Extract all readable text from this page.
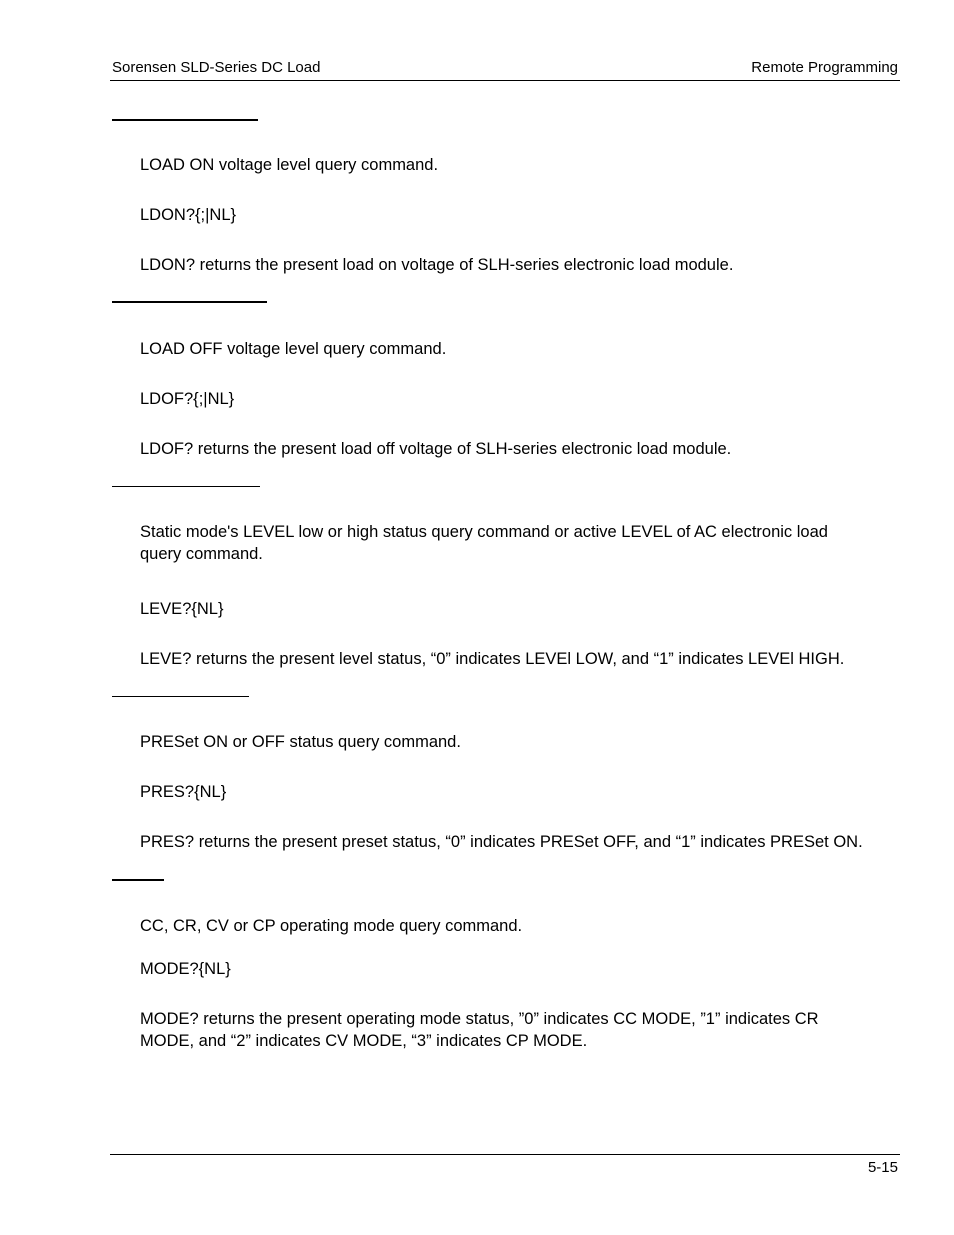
Sorensen SLD-Series DC Load	Remote Programming
LOAD ON voltage level query command.
LDON?{;|NL}
LDON? returns the present load on voltage of SLH-series electronic load module.
LOAD OFF voltage level query command.
LDOF?{;|NL}
LDOF? returns the present load off voltage of SLH-series electronic load module.
Static mode's LEVEL low or high status query command or active LEVEL of AC electronic load
query command.
LEVE?{NL}
LEVE? returns the present level status, “0” indicates LEVEl LOW, and “1” indicates LEVEl HIGH.
PRESet ON or OFF status query command.
PRES?{NL}
PRES? returns the present preset status, “0” indicates PRESet OFF, and “1” indicates PRESet ON.
CC, CR, CV or CP operating mode query command.
MODE?{NL}
MODE? returns the present operating mode status, ”0” indicates CC MODE, ”1” indicates CR
MODE, and “2” indicates CV MODE, “3” indicates CP MODE.
5-15
